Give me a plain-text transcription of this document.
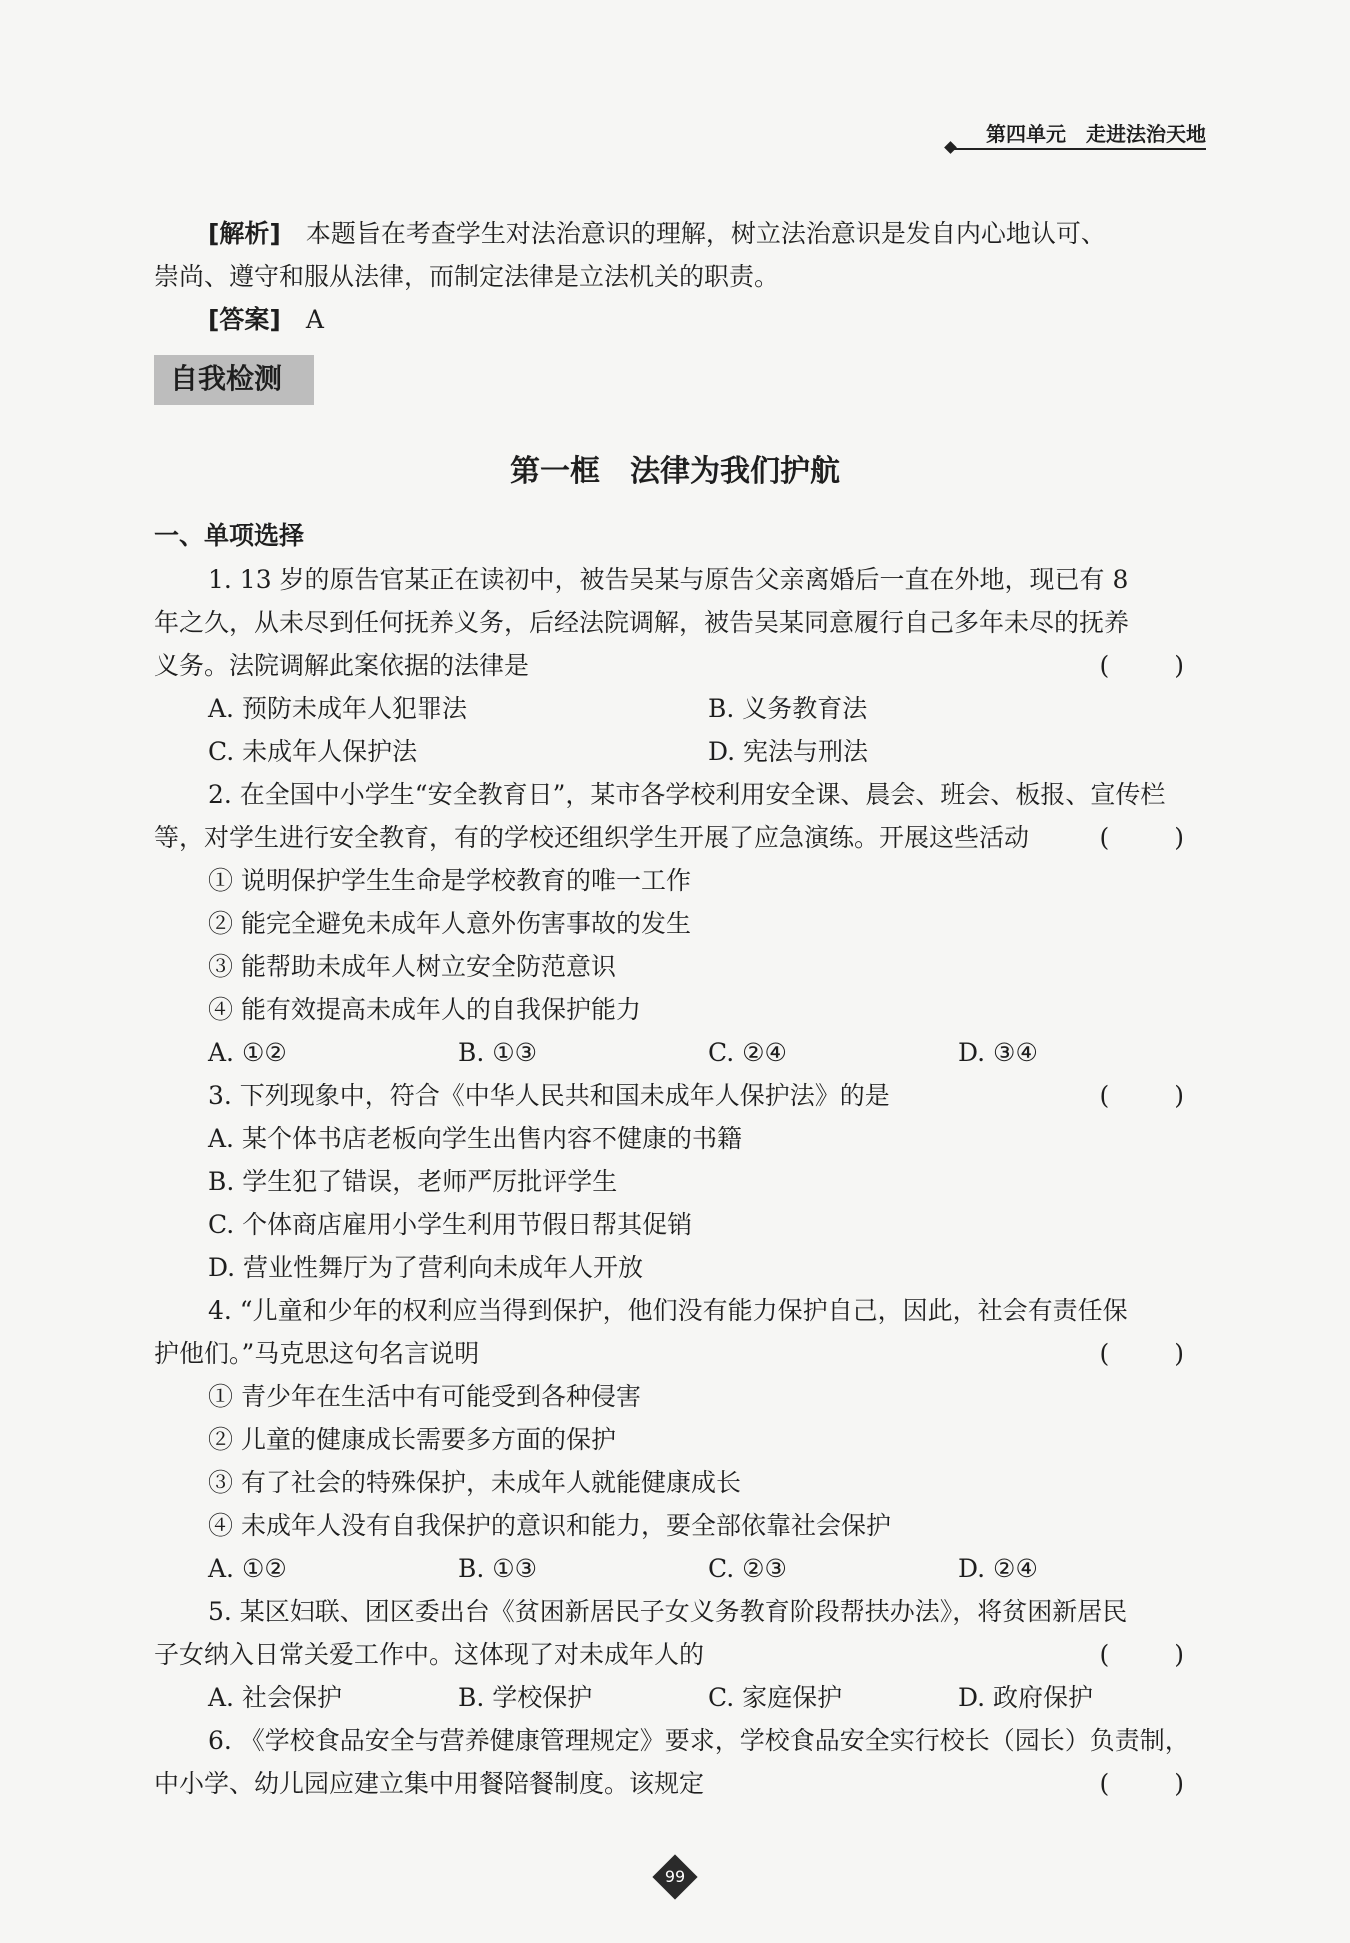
第四单元　 走进法治天地
[解析]　 本题旨在考查学生对法治意识的理解，树立法治意识是发自内心地认可、
崇尚、遵守和服从法律，而制定法律是立法机关的职责。
[答案]　 A
自我检测
第一框　法律为我们护航
一、单项选择
1. 13 岁的原告官某正在读初中，被告吴某与原告父亲离婚后一直在外地，现已有 8
年之久，从未尽到任何抚养义务，后经法院调解，被告吴某同意履行自己多年未尽的抚养
义务。法院调解此案依据的法律是	(　)
A. 预防未成年人犯罪法	B. 义务教育法
C. 未成年人保护法	D. 宪法与刑法
2. 在全国中小学生“安全教育日”，某市各学校利用安全课、晨会、班会、板报、宣传栏
等，对学生进行安全教育，有的学校还组织学生开展了应急演练。开展这些活动	(　)
① 说明保护学生生命是学校教育的唯一工作
② 能完全避免未成年人意外伤害事故的发生
③ 能帮助未成年人树立安全防范意识
④ 能有效提高未成年人的自我保护能力
A. ①②	B. ①③	C. ②④	D. ③④
3. 下列现象中，符合《中华人民共和国未成年人保护法》的是	(　)
A. 某个体书店老板向学生出售内容不健康的书籍
B. 学生犯了错误，老师严厉批评学生
C. 个体商店雇用小学生利用节假日帮其促销
D. 营业性舞厅为了营利向未成年人开放
4. “儿童和少年的权利应当得到保护，他们没有能力保护自己，因此，社会有责任保
护他们。”马克思这句名言说明	(　)
① 青少年在生活中有可能受到各种侵害
② 儿童的健康成长需要多方面的保护
③ 有了社会的特殊保护，未成年人就能健康成长
④ 未成年人没有自我保护的意识和能力，要全部依靠社会保护
A. ①②	B. ①③	C. ②③	D. ②④
5. 某区妇联、团区委出台《贫困新居民子女义务教育阶段帮扶办法》，将贫困新居民
子女纳入日常关爱工作中。这体现了对未成年人的	(　)
A. 社会保护	B. 学校保护	C. 家庭保护	D. 政府保护
6. 《学校食品安全与营养健康管理规定》要求，学校食品安全实行校长（园长）负责制，
中小学、幼儿园应建立集中用餐陪餐制度。该规定	(　)
99
